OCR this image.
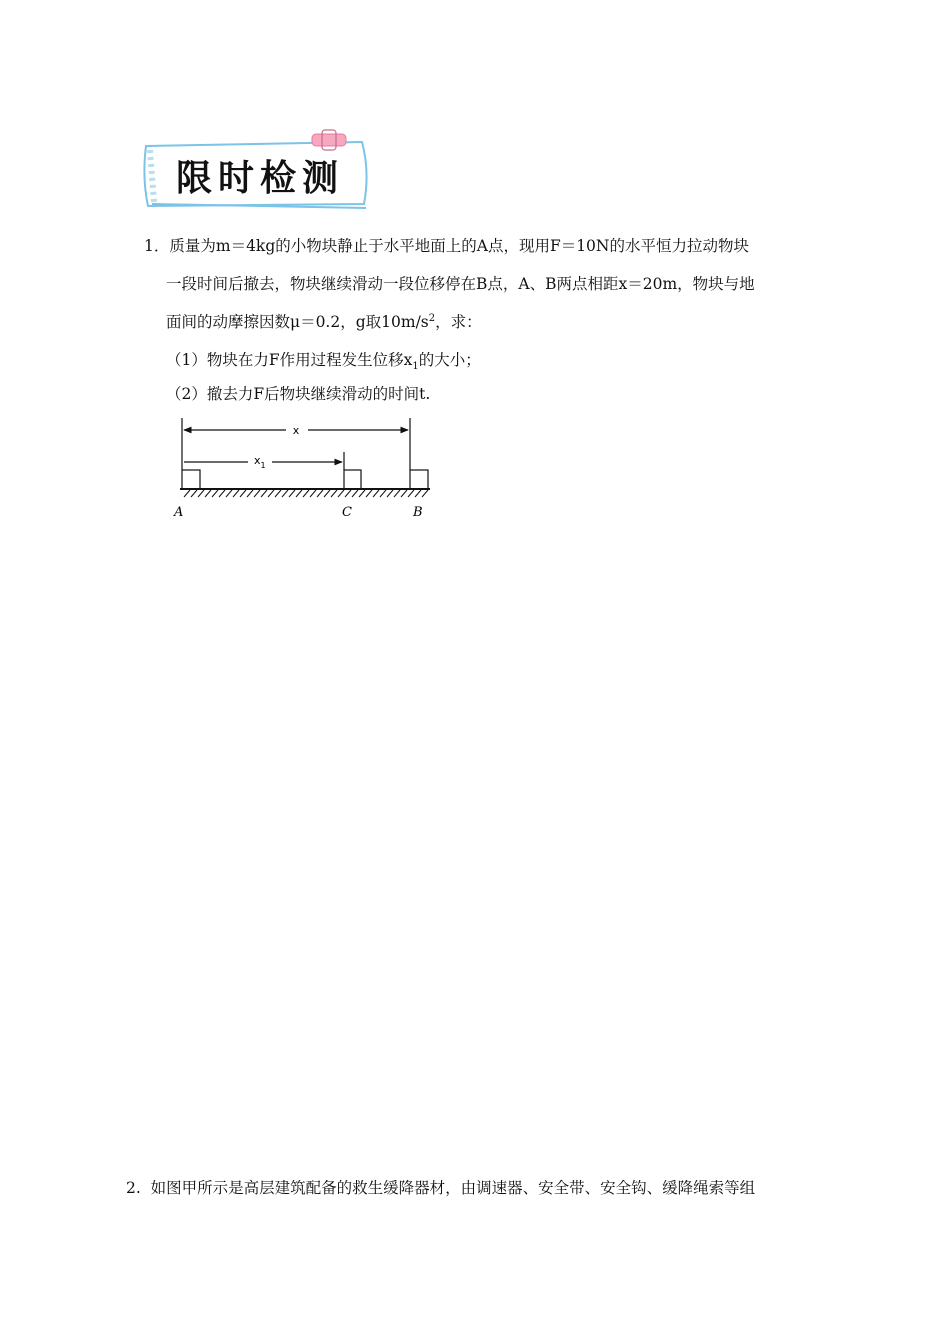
限时检测
1．质量为m＝4kg的小物块静止于水平地面上的A点，现用F＝10N的水平恒力拉动物块
一段时间后撤去，物块继续滑动一段位移停在B点，A、B两点相距x＝20m，物块与地
面间的动摩擦因数μ＝0.2，g取$10m/s^2$，求：
（1）物块在力F作用过程发生位移$x_1$的大小；
（2）撤去力F后物块继续滑动的时间t.
x
$x_1$
A	C	B
2. 如图甲所示是高层建筑配备的救生缓降器材，由调速器、安全带、安全钩、缓降绳索等组
